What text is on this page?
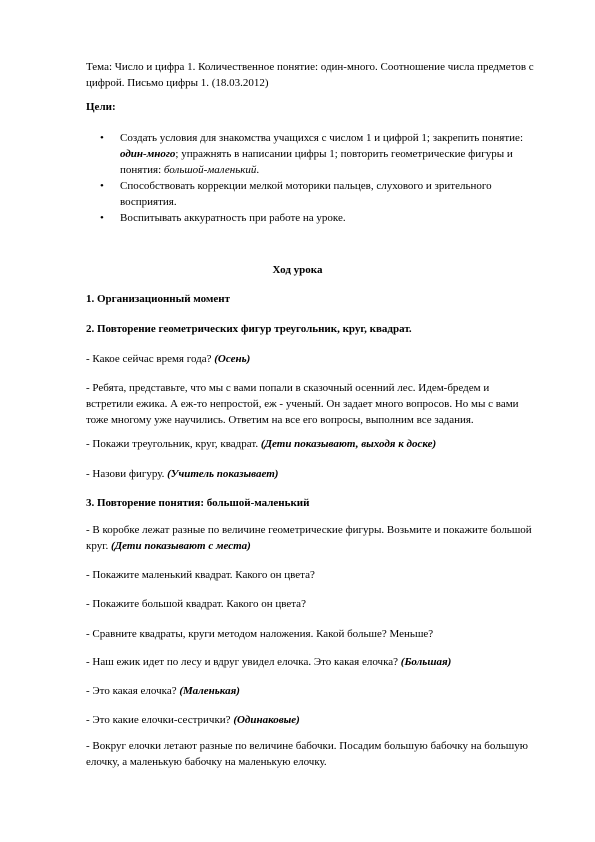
Тема: Число и цифра 1. Количественное понятие: один-много. Соотношение числа предметов с цифрой. Письмо цифры 1. (18.03.2012)

Цели:

• Создать условия для знакомства учащихся с числом 1 и цифрой 1; закрепить понятие: один-много; упражнять в написании цифры 1; повторить геометрические фигуры и понятия: большой-маленький.
• Способствовать коррекции мелкой моторики пальцев, слухового и зрительного восприятия.
• Воспитывать аккуратность при работе на уроке.
Ход урока

1. Организационный момент

2. Повторение геометрических фигур треугольник, круг, квадрат.

- Какое сейчас время года? (Осень)

- Ребята, представьте, что мы с вами попали в сказочный осенний лес. Идем-бредем и встретили ежика. А еж-то непростой, еж - ученый. Он задает много вопросов. Но мы с вами тоже многому уже научились. Ответим на все его вопросы, выполним все задания.

- Покажи треугольник, круг, квадрат. (Дети показывают, выходя к доске)

- Назови фигуру. (Учитель показывает)

3. Повторение понятия: большой-маленький

- В коробке лежат разные по величине геометрические фигуры. Возьмите и покажите большой круг. (Дети показывают с места)

- Покажите маленький квадрат. Какого он цвета?

- Покажите большой квадрат. Какого он цвета?

- Сравните квадраты, круги методом наложения. Какой больше? Меньше?

- Наш ежик идет по лесу и вдруг увидел елочка. Это какая елочка? (Большая)

- Это какая елочка? (Маленькая)

- Это какие елочки-сестрички? (Одинаковые)

- Вокруг елочки летают разные по величине бабочки. Посадим большую бабочку на большую елочку, а маленькую бабочку на маленькую елочку.
